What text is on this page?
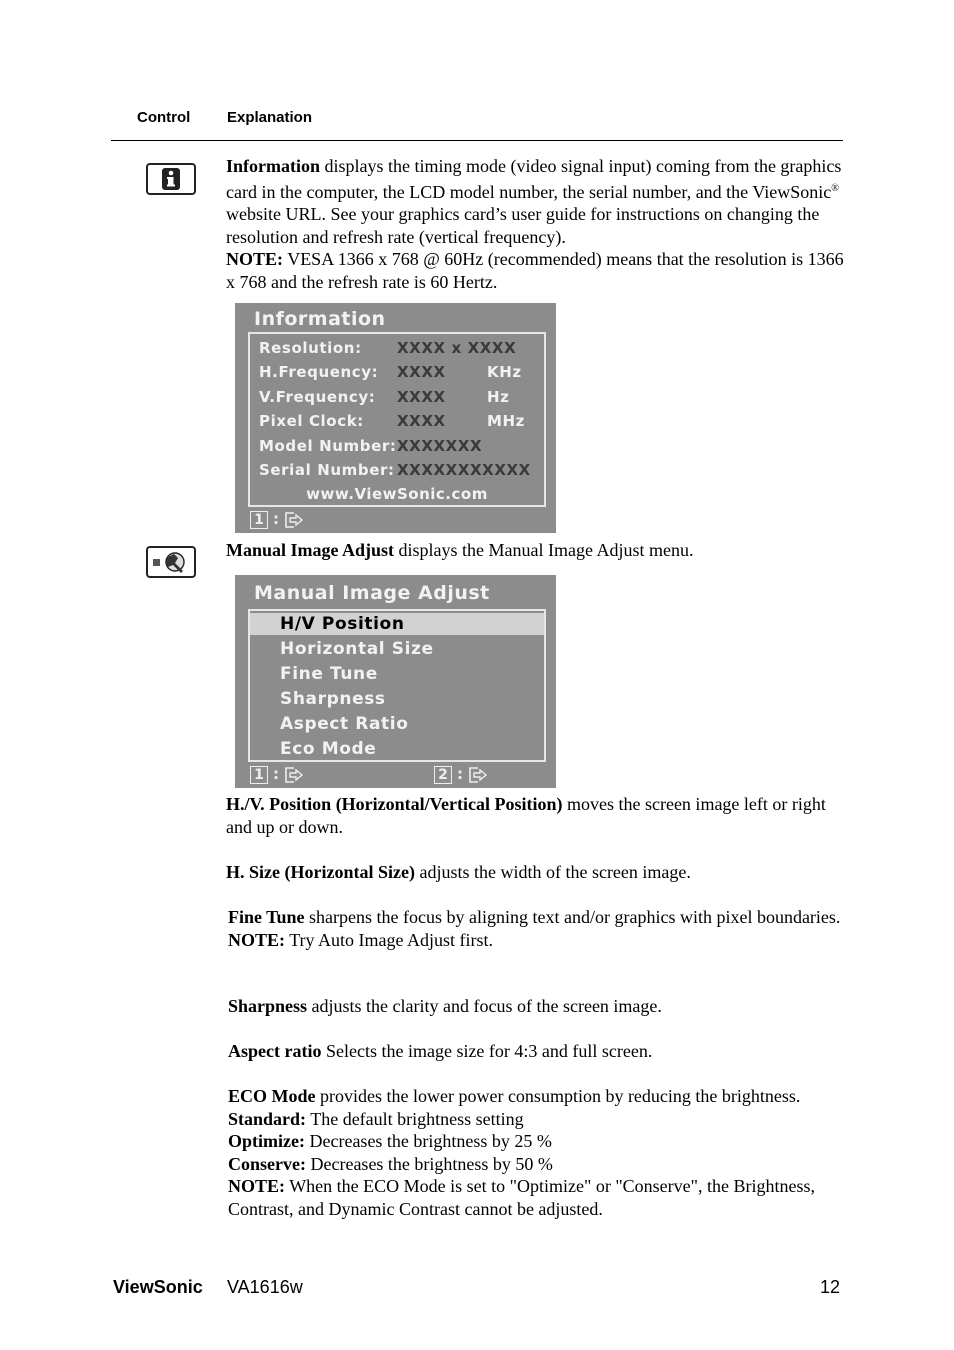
Control Explanation

Information displays the timing mode (video signal input) coming from the graphics card in the computer, the LCD model number, the serial number, and the ViewSonic® website URL. See your graphics card’s user guide for instructions on changing the resolution and refresh rate (vertical frequency).

NOTE: VESA 1366 x 768 @ 60Hz (recommended) means that the resolution is 1366 x 768 and the refresh rate is 60 Hertz.

Information
Resolution: XXXX x XXXX
H.Frequency: XXXX	KHz
V.Frequency: XXXX	Hz
Pixel Clock: XXXX	MHz
Model Number: XXXXXXX
Serial Number: XXXXXXXXXXX
www.ViewSonic.com
1 :

Manual Image Adjust displays the Manual Image Adjust menu.

Manual Image Adjust
H/V Position
Horizontal Size
Fine Tune
Sharpness
Aspect Ratio
Eco Mode
1 :	2 :

H./V. Position (Horizontal/Vertical Position) moves the screen image left or right and up or down.

H. Size (Horizontal Size) adjusts the width of the screen image.

Fine Tune sharpens the focus by aligning text and/or graphics with pixel boundaries.

NOTE: Try Auto Image Adjust first.

Sharpness adjusts the clarity and focus of the screen image.

Aspect ratio Selects the image size for 4:3 and full screen.

ECO Mode provides the lower power consumption by reducing the brightness.

Standard: The default brightness setting

Optimize: Decreases the brightness by 25 %

Conserve: Decreases the brightness by 50 %

NOTE: When the ECO Mode is set to "Optimize" or "Conserve", the Brightness, Contrast, and Dynamic Contrast cannot be adjusted.

ViewSonic VA1616w	12
